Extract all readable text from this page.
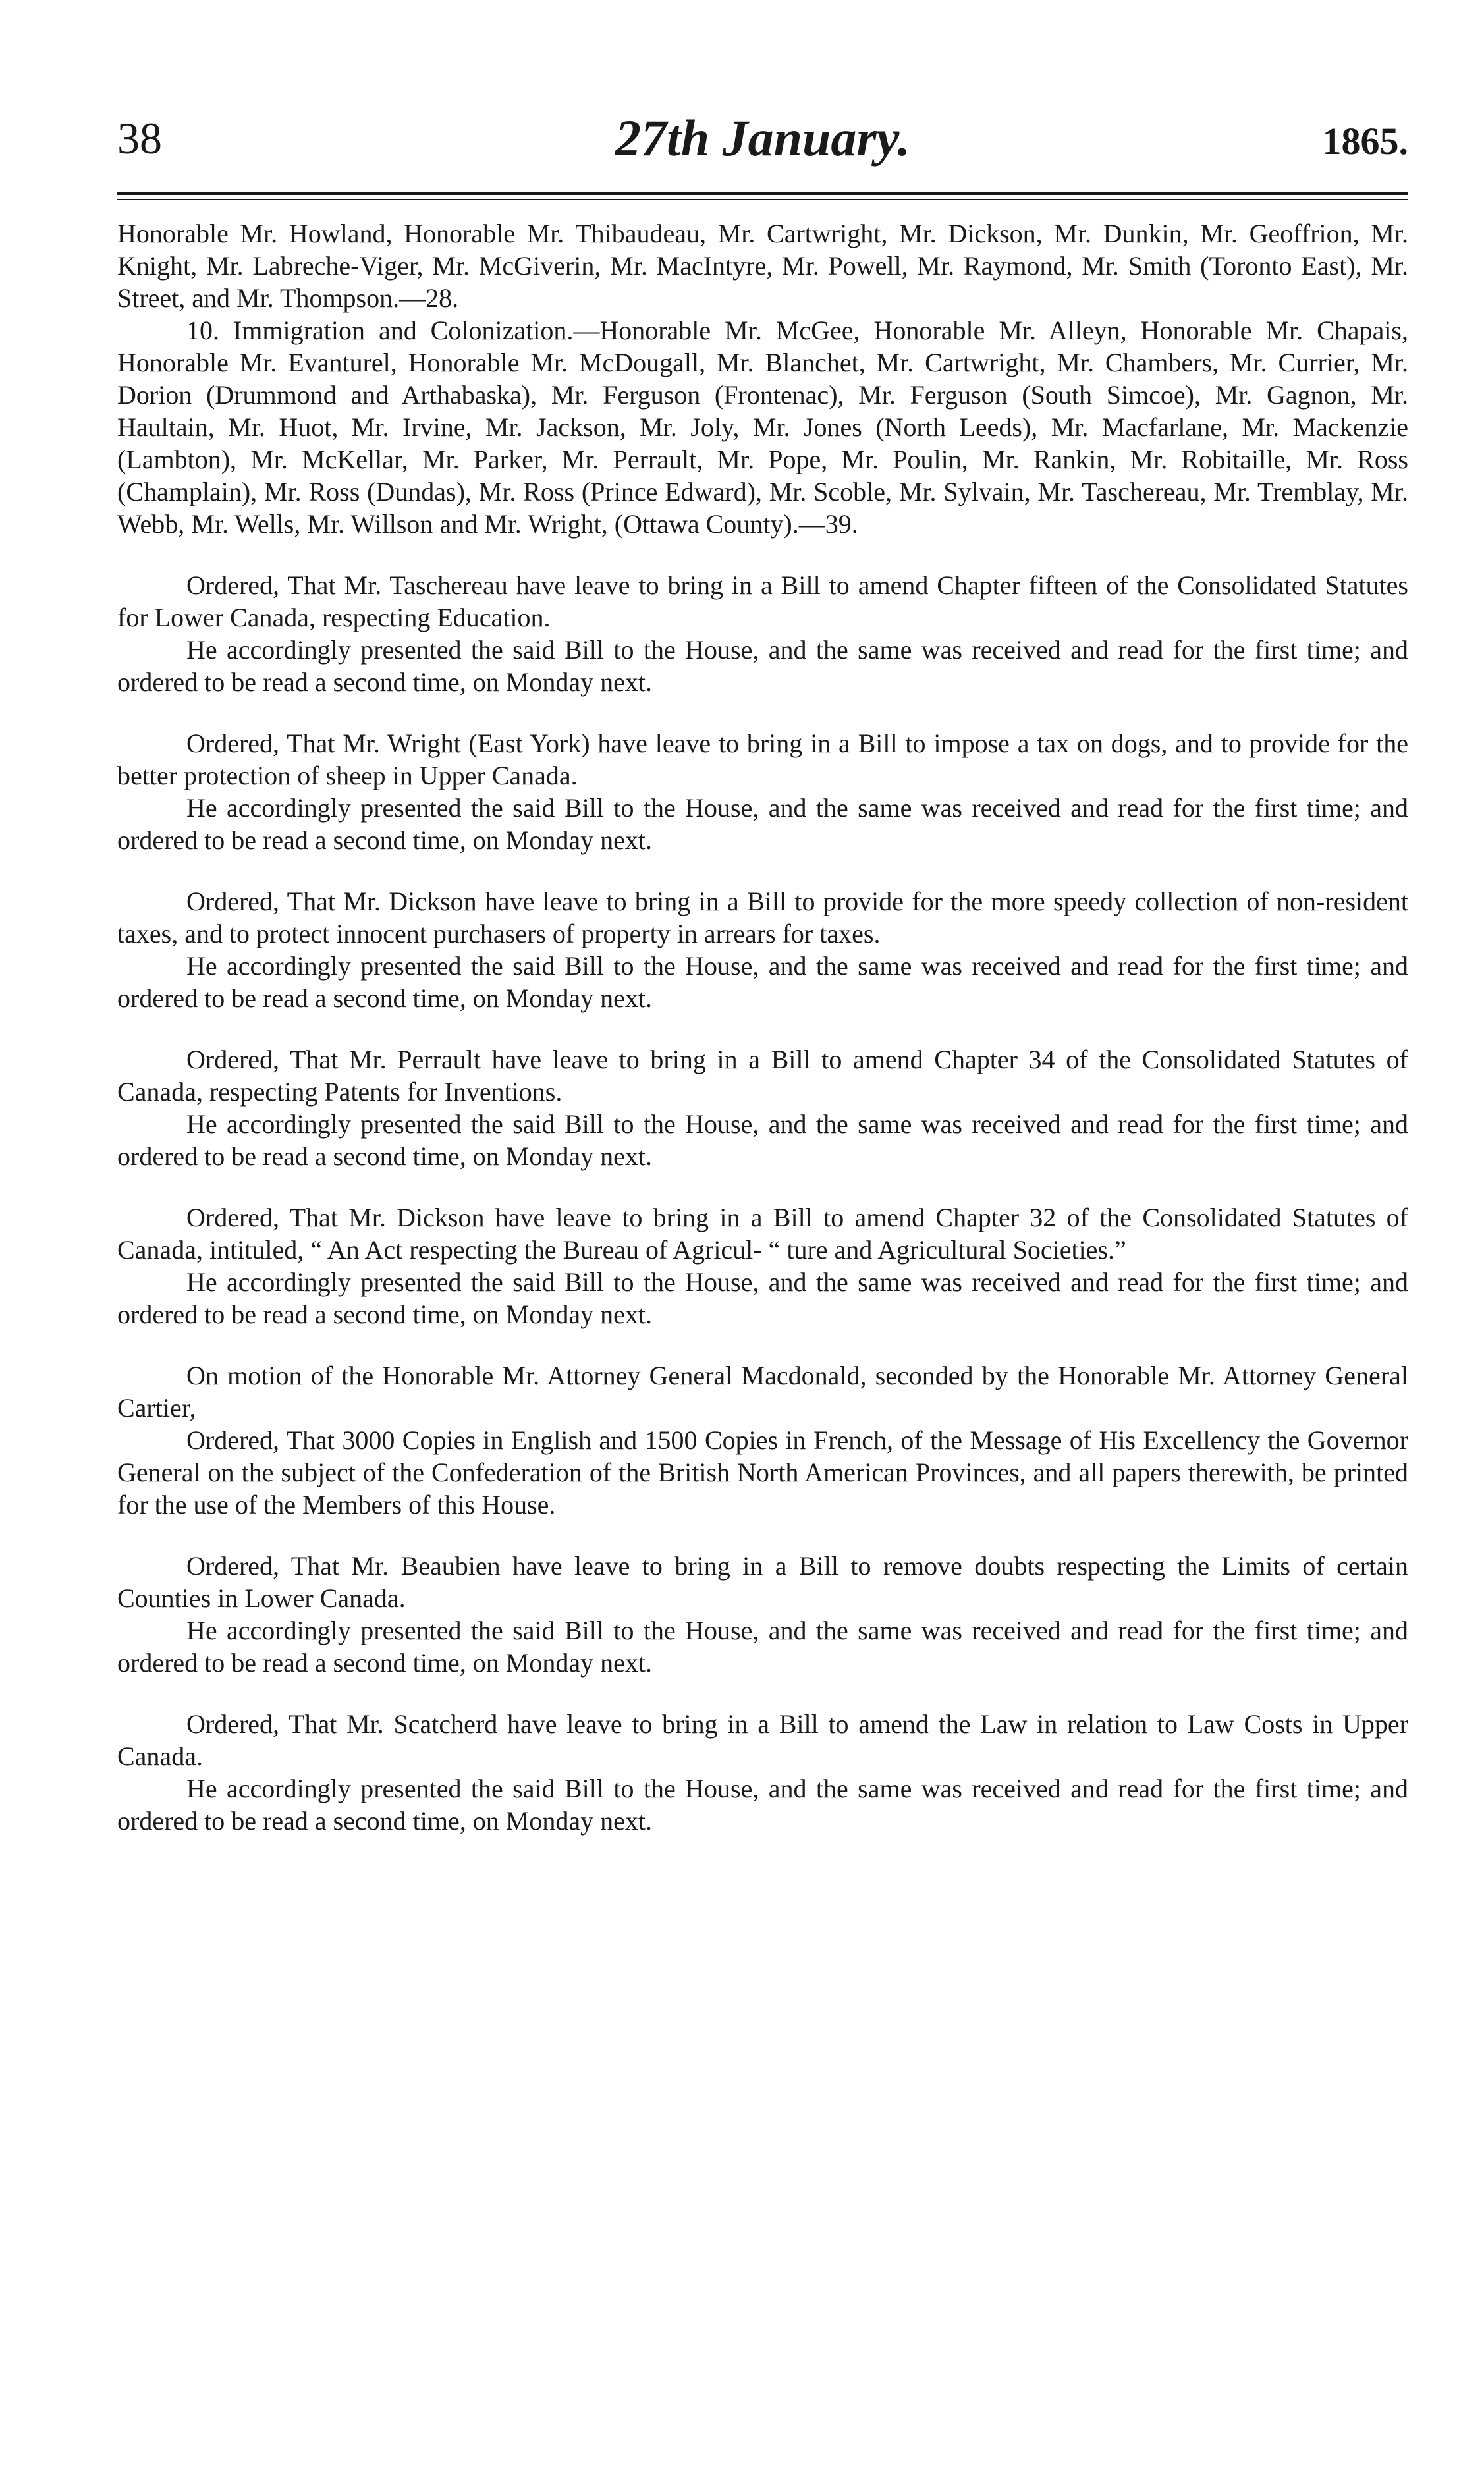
38	27th January.	1865.

Honorable Mr. Howland, Honorable Mr. Thibaudeau, Mr. Cartwright, Mr. Dickson, Mr. Dunkin, Mr. Geoffrion, Mr. Knight, Mr. Labreche-Viger, Mr. McGiverin, Mr. MacIntyre, Mr. Powell, Mr. Raymond, Mr. Smith (Toronto East), Mr. Street, and Mr. Thompson.—28.

10. Immigration and Colonization.—Honorable Mr. McGee, Honorable Mr. Alleyn, Honorable Mr. Chapais, Honorable Mr. Evanturel, Honorable Mr. McDougall, Mr. Blanchet, Mr. Cartwright, Mr. Chambers, Mr. Currier, Mr. Dorion (Drummond and Arthabaska), Mr. Ferguson (Frontenac), Mr. Ferguson (South Simcoe), Mr. Gagnon, Mr. Haultain, Mr. Huot, Mr. Irvine, Mr. Jackson, Mr. Joly, Mr. Jones (North Leeds), Mr. Macfarlane, Mr. Mackenzie (Lambton), Mr. McKellar, Mr. Parker, Mr. Perrault, Mr. Pope, Mr. Poulin, Mr. Rankin, Mr. Robitaille, Mr. Ross (Champlain), Mr. Ross (Dundas), Mr. Ross (Prince Edward), Mr. Scoble, Mr. Sylvain, Mr. Taschereau, Mr. Tremblay, Mr. Webb, Mr. Wells, Mr. Willson and Mr. Wright, (Ottawa County).—39.

Ordered, That Mr. Taschereau have leave to bring in a Bill to amend Chapter fifteen of the Consolidated Statutes for Lower Canada, respecting Education.

He accordingly presented the said Bill to the House, and the same was received and read for the first time; and ordered to be read a second time, on Monday next.

Ordered, That Mr. Wright (East York) have leave to bring in a Bill to impose a tax on dogs, and to provide for the better protection of sheep in Upper Canada.

He accordingly presented the said Bill to the House, and the same was received and read for the first time; and ordered to be read a second time, on Monday next.

Ordered, That Mr. Dickson have leave to bring in a Bill to provide for the more speedy collection of non-resident taxes, and to protect innocent purchasers of property in arrears for taxes.

He accordingly presented the said Bill to the House, and the same was received and read for the first time; and ordered to be read a second time, on Monday next.

Ordered, That Mr. Perrault have leave to bring in a Bill to amend Chapter 34 of the Consolidated Statutes of Canada, respecting Patents for Inventions.

He accordingly presented the said Bill to the House, and the same was received and read for the first time; and ordered to be read a second time, on Monday next.

Ordered, That Mr. Dickson have leave to bring in a Bill to amend Chapter 32 of the Consolidated Statutes of Canada, intituled, “ An Act respecting the Bureau of Agricul- “ ture and Agricultural Societies.”

He accordingly presented the said Bill to the House, and the same was received and read for the first time; and ordered to be read a second time, on Monday next.

On motion of the Honorable Mr. Attorney General Macdonald, seconded by the Honorable Mr. Attorney General Cartier,

Ordered, That 3000 Copies in English and 1500 Copies in French, of the Message of His Excellency the Governor General on the subject of the Confederation of the British North American Provinces, and all papers therewith, be printed for the use of the Members of this House.

Ordered, That Mr. Beaubien have leave to bring in a Bill to remove doubts respecting the Limits of certain Counties in Lower Canada.

He accordingly presented the said Bill to the House, and the same was received and read for the first time; and ordered to be read a second time, on Monday next.

Ordered, That Mr. Scatcherd have leave to bring in a Bill to amend the Law in relation to Law Costs in Upper Canada.

He accordingly presented the said Bill to the House, and the same was received and read for the first time; and ordered to be read a second time, on Monday next.
